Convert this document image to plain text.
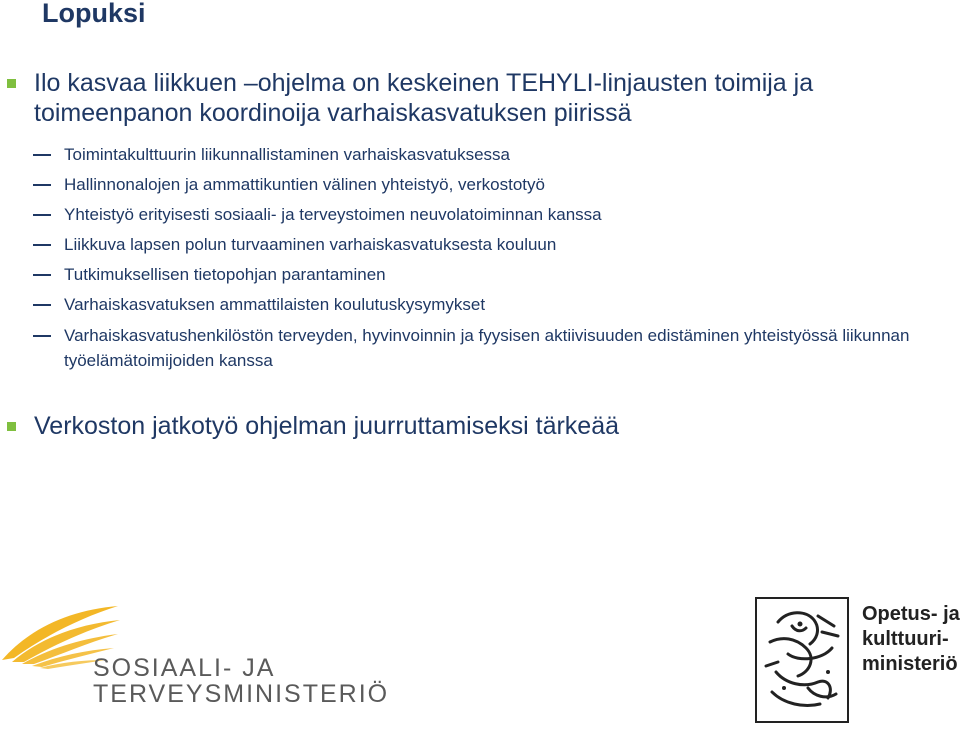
Lopuksi
Ilo kasvaa liikkuen –ohjelma on keskeinen TEHYLI-linjausten toimija ja toimeenpanon koordinoija varhaiskasvatuksen piirissä
Toimintakulttuurin liikunnallistaminen varhaiskasvatuksessa
Hallinnonalojen ja ammattikuntien välinen yhteistyö, verkostotyö
Yhteistyö erityisesti sosiaali- ja terveystoimen neuvolatoiminnan kanssa
Liikkuva lapsen polun turvaaminen varhaiskasvatuksesta kouluun
Tutkimuksellisen tietopohjan parantaminen
Varhaiskasvatuksen ammattilaisten koulutuskysymykset
Varhaiskasvatushenkilöstön terveyden, hyvinvoinnin ja fyysisen aktiivisuuden edistäminen yhteistyössä liikunnan työelämätoimijoiden kanssa
Verkoston jatkotyö ohjelman juurruttamiseksi tärkeää
SOSIAALI- JA
TERVEYSMINISTERIÖ
Opetus- ja
kulttuuri-
ministeriö
